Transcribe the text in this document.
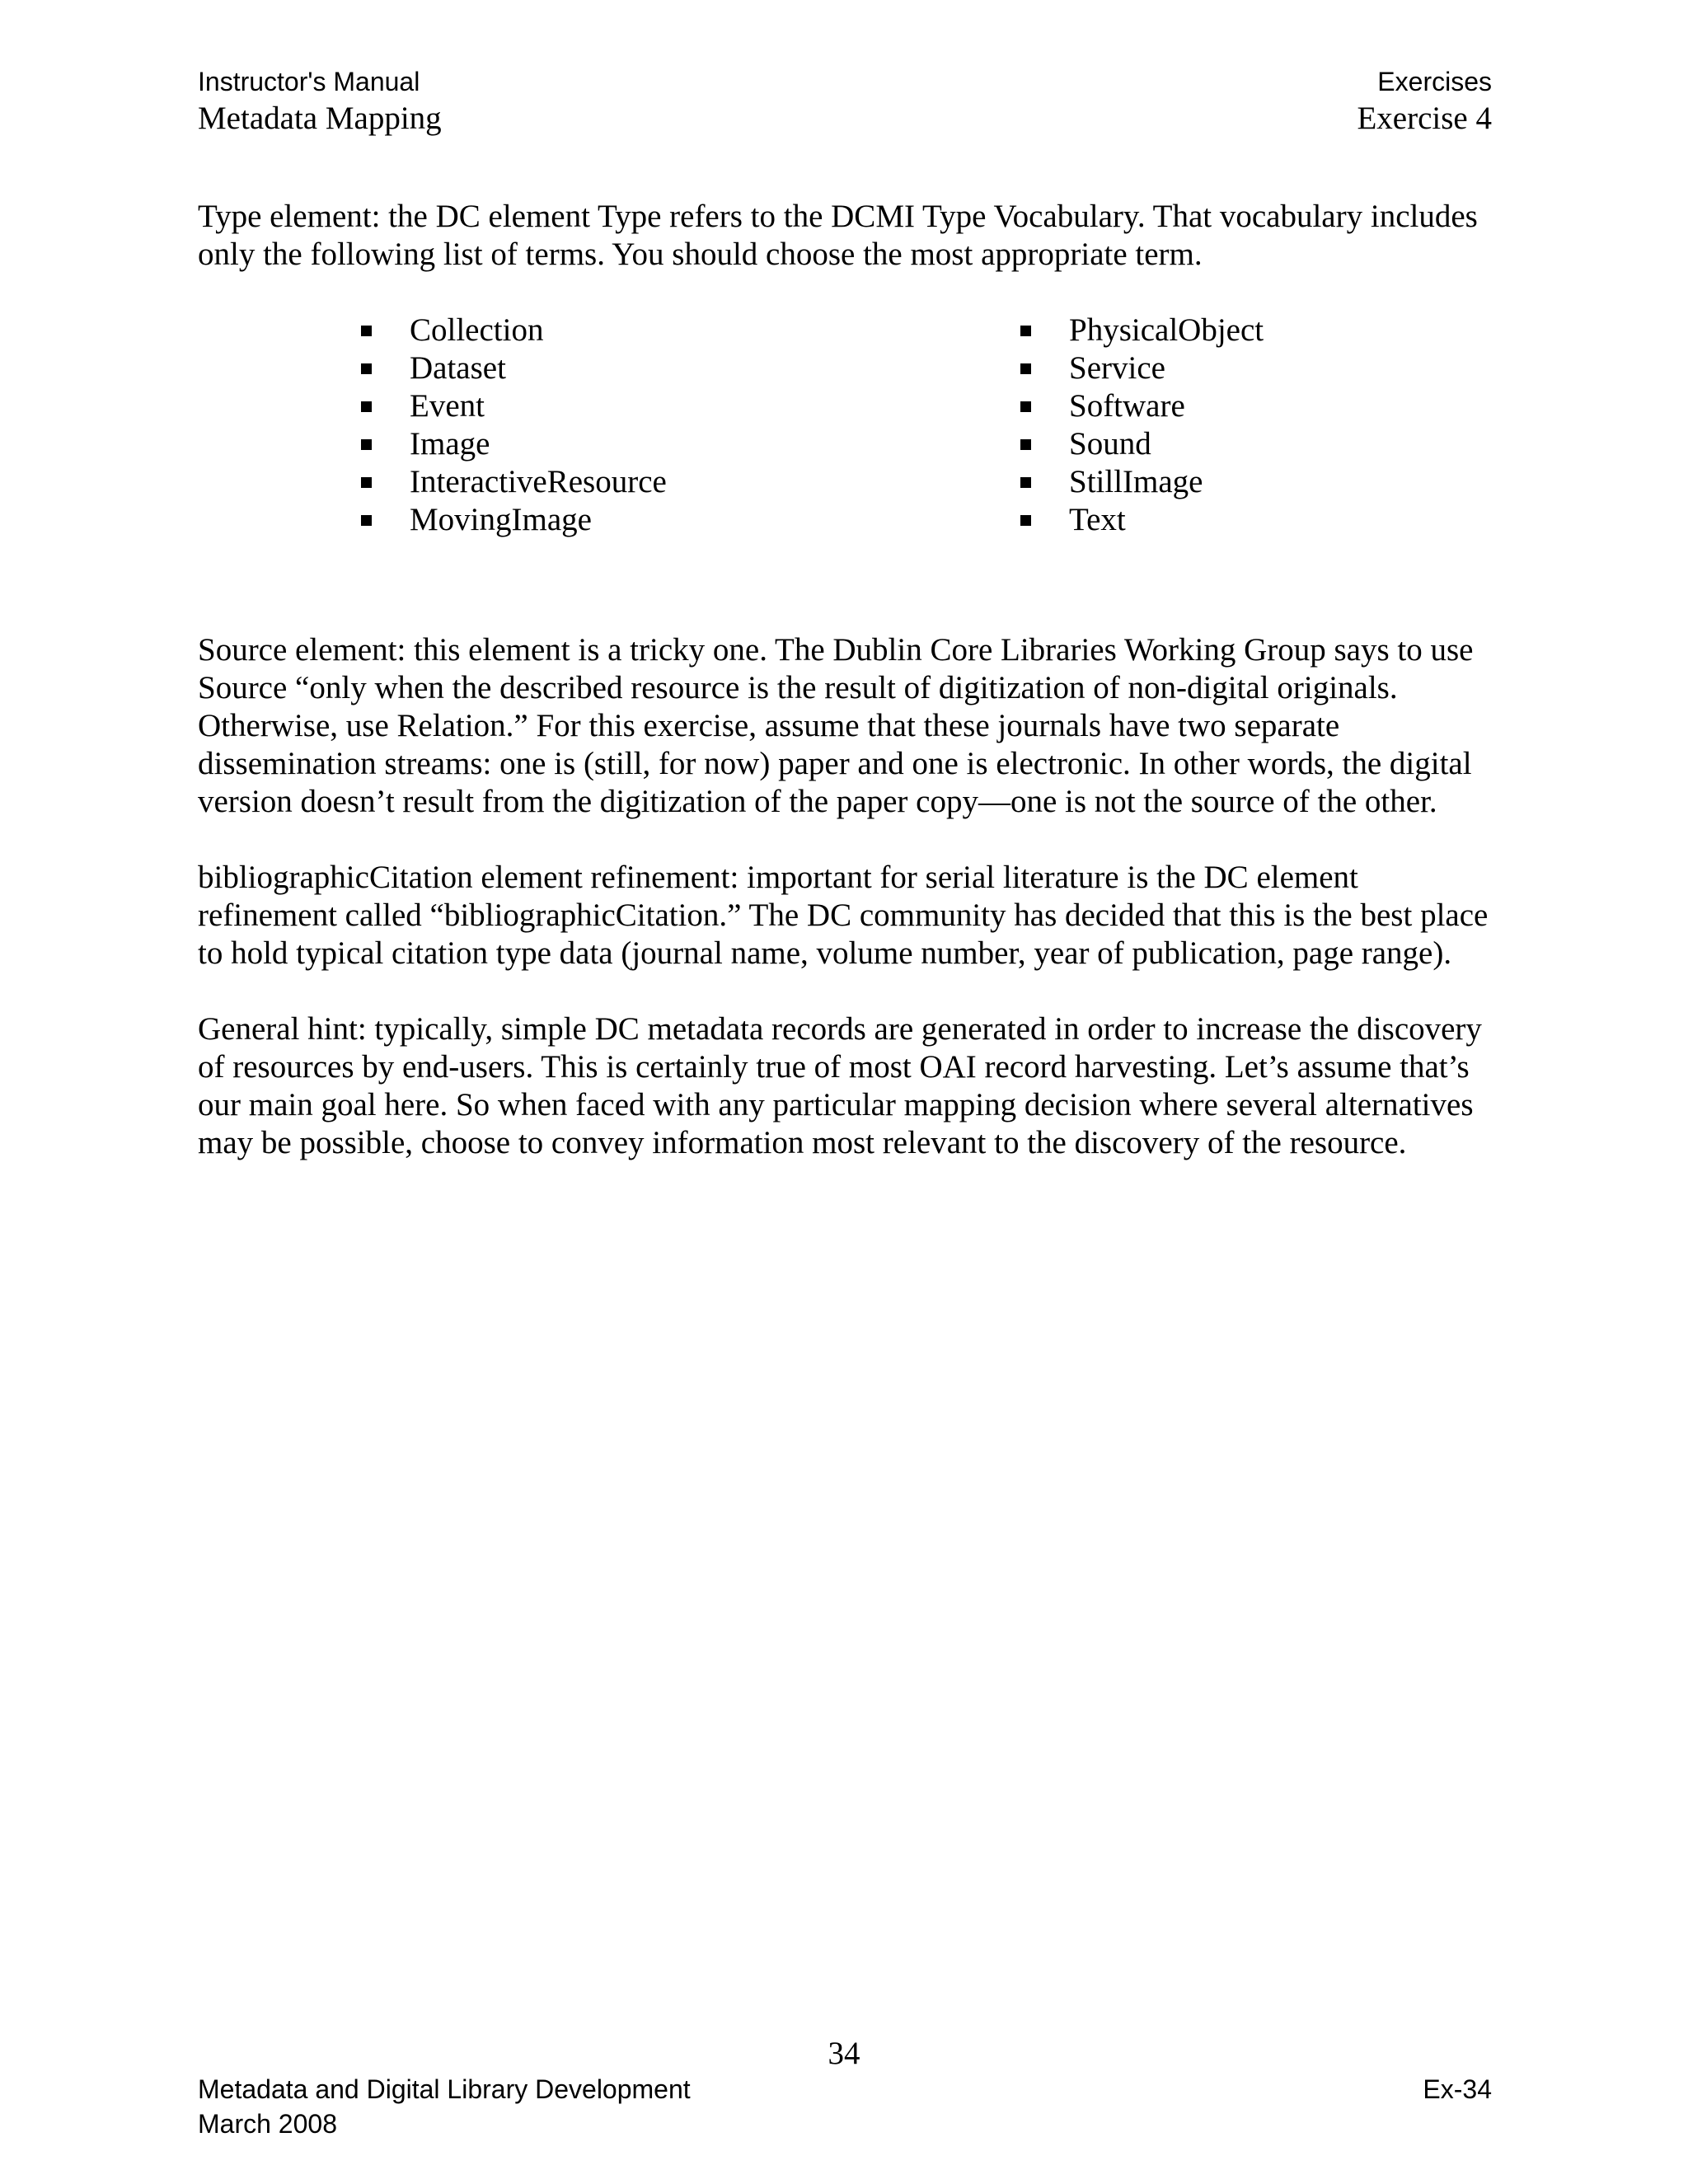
Instructor's Manual	Exercises
Metadata Mapping	Exercise 4

Type element: the DC element Type refers to the DCMI Type Vocabulary. That vocabulary includes only the following list of terms. You should choose the most appropriate term.

Collection
Dataset
Event
Image
InteractiveResource
MovingImage
PhysicalObject
Service
Software
Sound
StillImage
Text

Source element: this element is a tricky one. The Dublin Core Libraries Working Group says to use Source “only when the described resource is the result of digitization of non-digital originals. Otherwise, use Relation.” For this exercise, assume that these journals have two separate dissemination streams: one is (still, for now) paper and one is electronic. In other words, the digital version doesn’t result from the digitization of the paper copy—one is not the source of the other.

bibliographicCitation element refinement: important for serial literature is the DC element refinement called “bibliographicCitation.” The DC community has decided that this is the best place to hold typical citation type data (journal name, volume number, year of publication, page range).

General hint: typically, simple DC metadata records are generated in order to increase the discovery of resources by end-users. This is certainly true of most OAI record harvesting. Let’s assume that’s our main goal here. So when faced with any particular mapping decision where several alternatives may be possible, choose to convey information most relevant to the discovery of the resource.

34
Metadata and Digital Library Development	Ex-34
March 2008
